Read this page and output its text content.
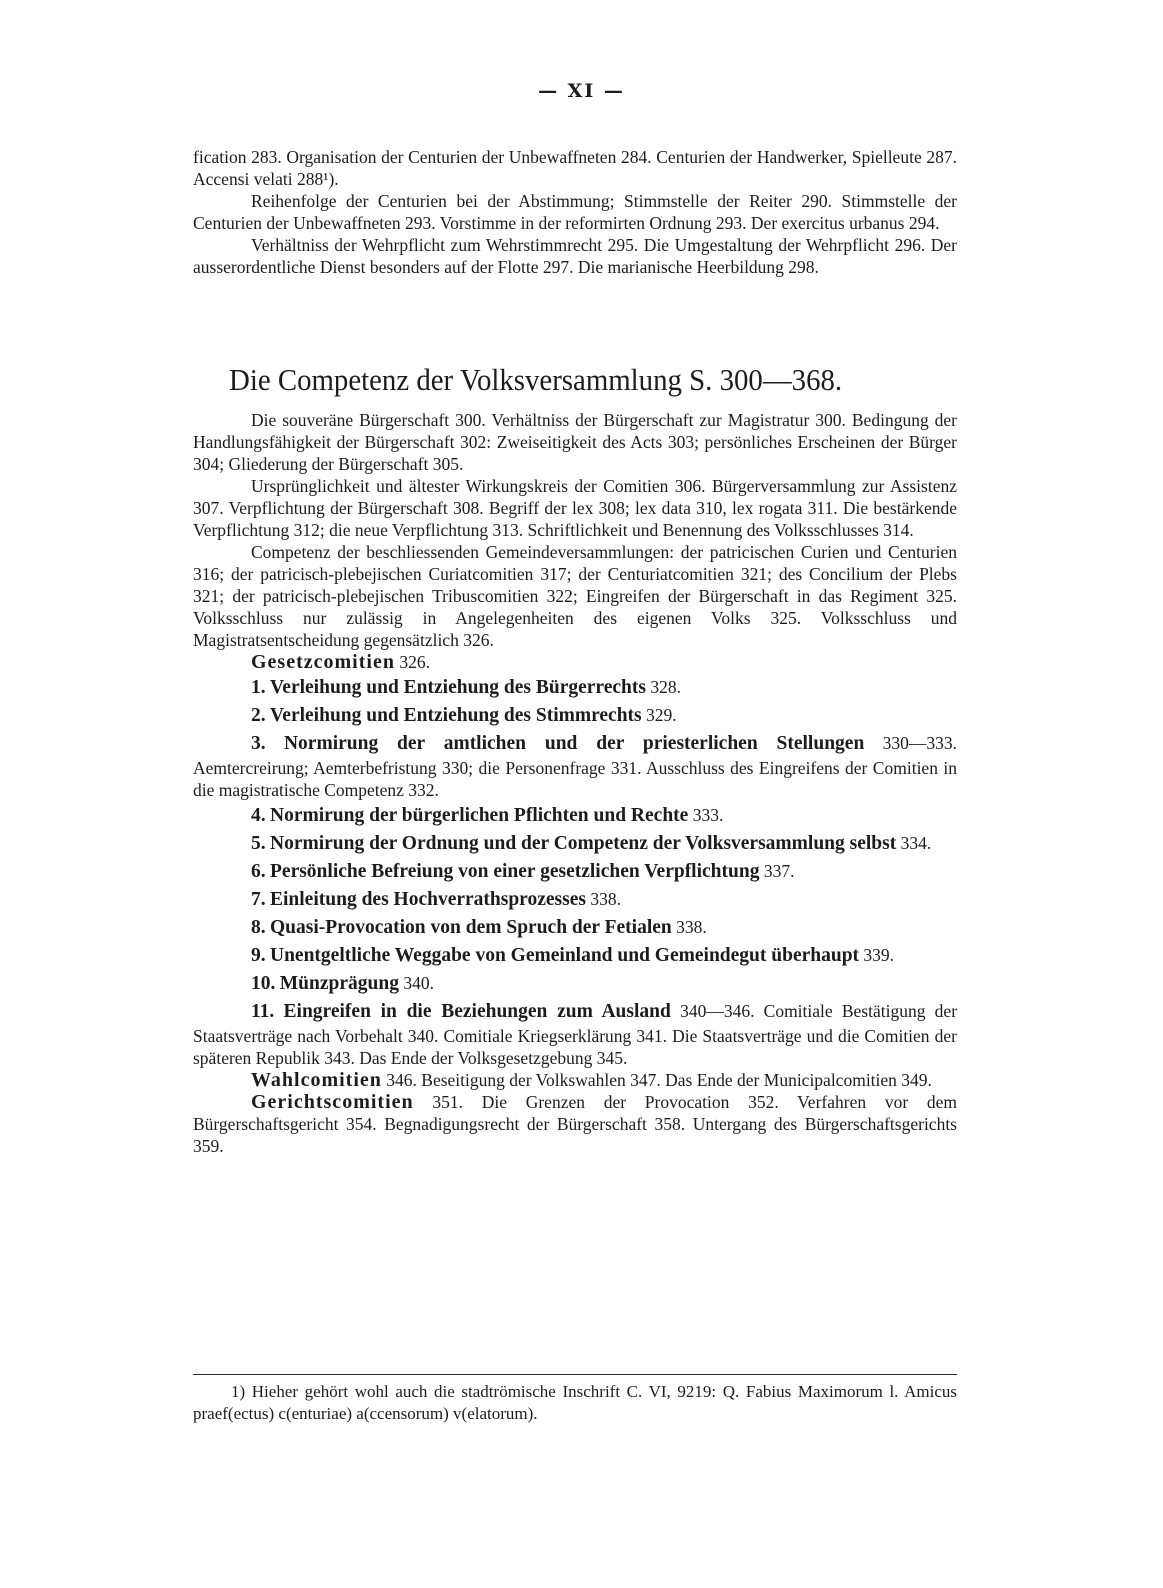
— XI —

fication 283. Organisation der Centurien der Unbewaffneten 284. Centurien der Handwerker, Spielleute 287. Accensi velati 288¹).

Reihenfolge der Centurien bei der Abstimmung; Stimmstelle der Reiter 290. Stimmstelle der Centurien der Unbewaffneten 293. Vorstimme in der reformirten Ordnung 293. Der exercitus urbanus 294.

Verhältniss der Wehrpflicht zum Wehrstimmrecht 295. Die Umgestaltung der Wehrpflicht 296. Der ausserordentliche Dienst besonders auf der Flotte 297. Die marianische Heerbildung 298.

Die Competenz der Volksversammlung S. 300—368.

Die souveräne Bürgerschaft 300. Verhältniss der Bürgerschaft zur Magistratur 300. Bedingung der Handlungsfähigkeit der Bürgerschaft 302: Zweiseitigkeit des Acts 303; persönliches Erscheinen der Bürger 304; Gliederung der Bürgerschaft 305.

Ursprünglichkeit und ältester Wirkungskreis der Comitien 306. Bürgerversammlung zur Assistenz 307. Verpflichtung der Bürgerschaft 308. Begriff der lex 308; lex data 310, lex rogata 311. Die bestärkende Verpflichtung 312; die neue Verpflichtung 313. Schriftlichkeit und Benennung des Volksschlusses 314.

Competenz der beschliessenden Gemeindeversammlungen: der patricischen Curien und Centurien 316; der patricisch-plebejischen Curiatcomitien 317; der Centuriatcomitien 321; des Concilium der Plebs 321; der patricisch-plebejischen Tribuscomitien 322; Eingreifen der Bürgerschaft in das Regiment 325. Volksschluss nur zulässig in Angelegenheiten des eigenen Volks 325. Volksschluss und Magistratsentscheidung gegensätzlich 326.

Gesetzcomitien 326.

1. Verleihung und Entziehung des Bürgerrechts 328.

2. Verleihung und Entziehung des Stimmrechts 329.

3. Normirung der amtlichen und der priesterlichen Stellungen 330—333. Aemtercreirung; Aemterbefristung 330; die Personenfrage 331. Ausschluss des Eingreifens der Comitien in die magistratische Competenz 332.

4. Normirung der bürgerlichen Pflichten und Rechte 333.

5. Normirung der Ordnung und der Competenz der Volksversammlung selbst 334.

6. Persönliche Befreiung von einer gesetzlichen Verpflichtung 337.

7. Einleitung des Hochverrathsprozesses 338.

8. Quasi-Provocation von dem Spruch der Fetialen 338.

9. Unentgeltliche Weggabe von Gemeinland und Gemeindegut überhaupt 339.

10. Münzprägung 340.

11. Eingreifen in die Beziehungen zum Ausland 340—346. Comitiale Bestätigung der Staatsverträge nach Vorbehalt 340. Comitiale Kriegserklärung 341. Die Staatsverträge und die Comitien der späteren Republik 343. Das Ende der Volksgesetzgebung 345.

Wahlcomitien 346. Beseitigung der Volkswahlen 347. Das Ende der Municipalcomitien 349.

Gerichtscomitien 351. Die Grenzen der Provocation 352. Verfahren vor dem Bürgerschaftsgericht 354. Begnadigungsrecht der Bürgerschaft 358. Untergang des Bürgerschaftsgerichts 359.

1) Hieher gehört wohl auch die stadtrömische Inschrift C. VI, 9219: Q. Fabius Maximorum l. Amicus praef(ectus) c(enturiae) a(ccensorum) v(elatorum).
